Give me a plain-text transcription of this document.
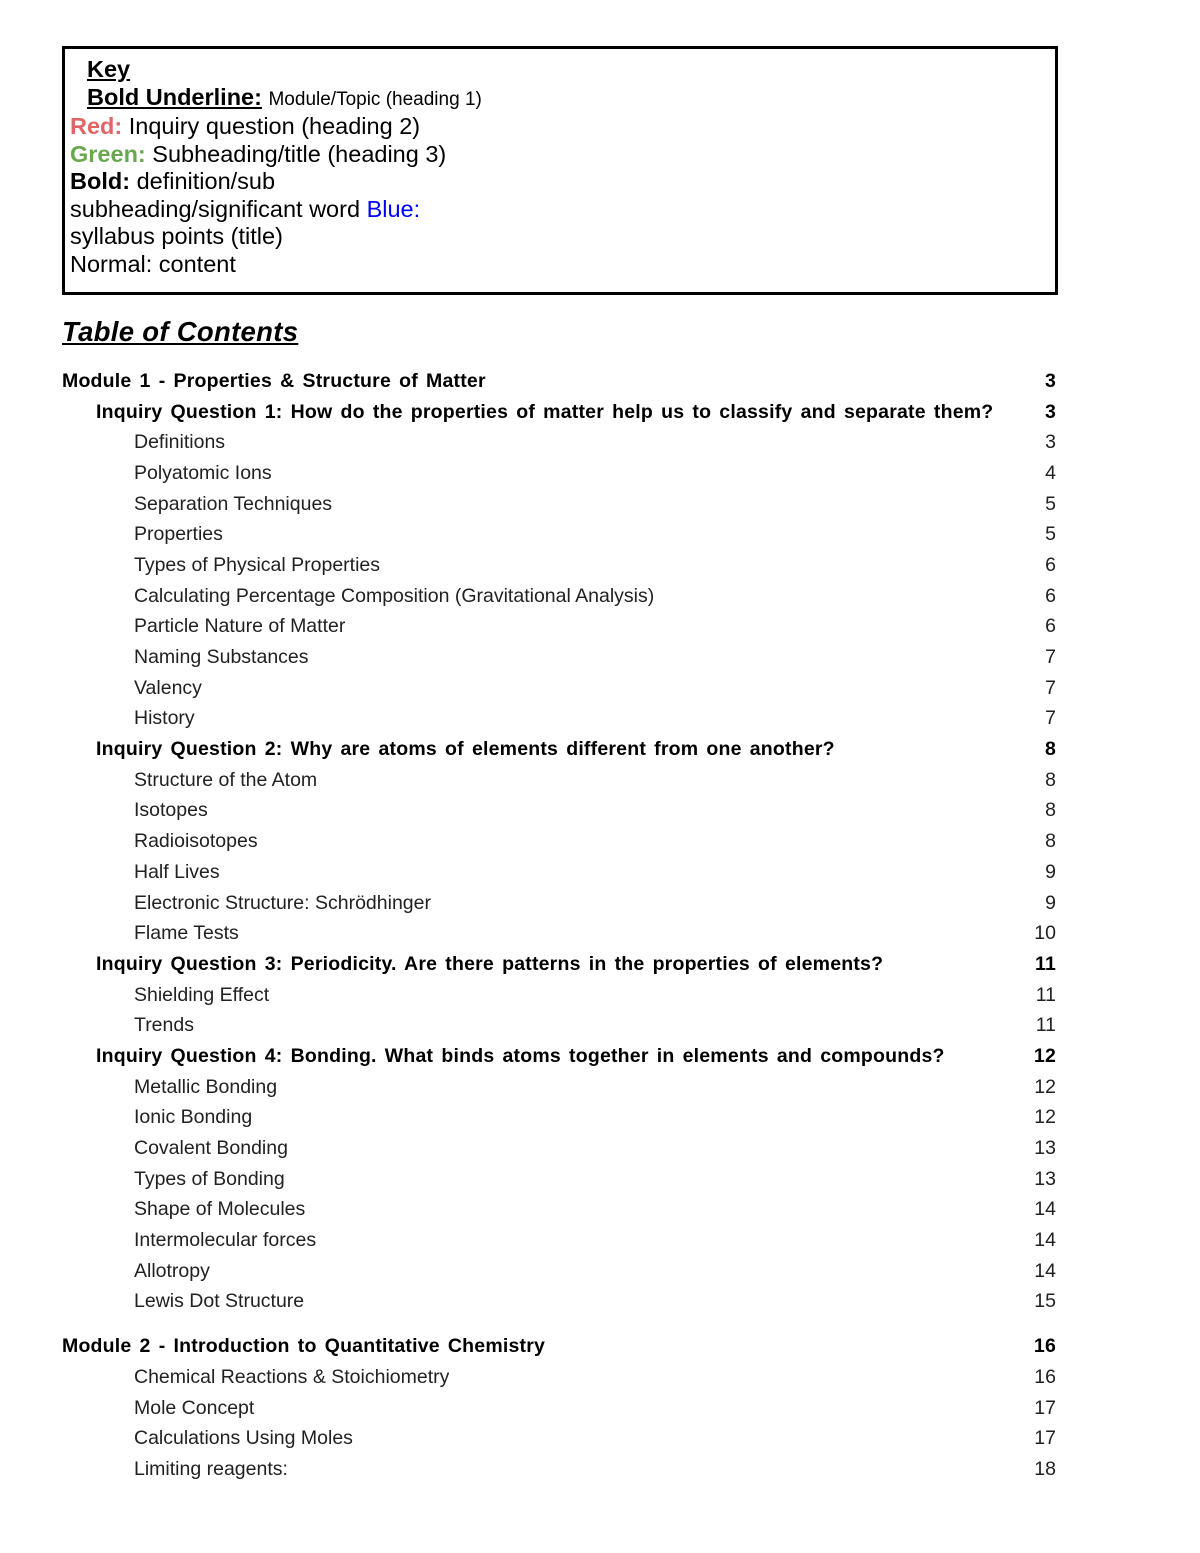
Key
Bold Underline: Module/Topic (heading 1)
Red: Inquiry question (heading 2)
Green: Subheading/title (heading 3)
Bold: definition/sub
subheading/significant word Blue:
syllabus points (title)
Normal: content
Table of Contents
Module 1 - Properties & Structure of Matter	3
Inquiry Question 1: How do the properties of matter help us to classify and separate them?	3
Definitions	3
Polyatomic Ions	4
Separation Techniques	5
Properties	5
Types of Physical Properties	6
Calculating Percentage Composition (Gravitational Analysis)	6
Particle Nature of Matter	6
Naming Substances	7
Valency	7
History	7
Inquiry Question 2: Why are atoms of elements different from one another?	8
Structure of the Atom	8
Isotopes	8
Radioisotopes	8
Half Lives	9
Electronic Structure: Schrödhinger	9
Flame Tests	10
Inquiry Question 3: Periodicity. Are there patterns in the properties of elements?	11
Shielding Effect	11
Trends	11
Inquiry Question 4: Bonding. What binds atoms together in elements and compounds?	12
Metallic Bonding	12
Ionic Bonding	12
Covalent Bonding	13
Types of Bonding	13
Shape of Molecules	14
Intermolecular forces	14
Allotropy	14
Lewis Dot Structure	15
Module 2 - Introduction to Quantitative Chemistry	16
Chemical Reactions & Stoichiometry	16
Mole Concept	17
Calculations Using Moles	17
Limiting reagents:	18
